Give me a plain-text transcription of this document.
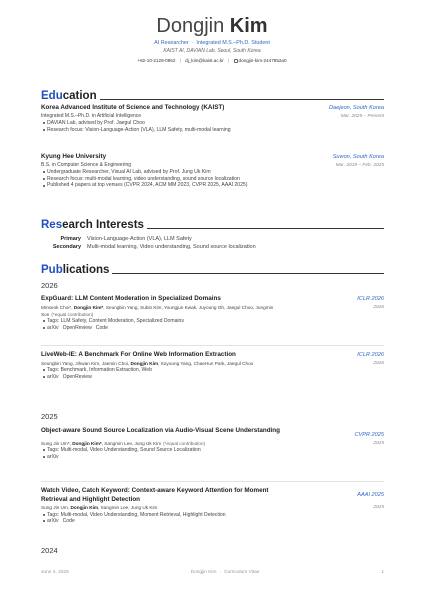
Dongjin Kim
AI Researcher · Integrated M.S.–Ph.D. Student
KAIST AI, DAVIAN Lab, Seoul, South Korea
+82-10-2128-0952 | dj_kim@kaist.ac.kr | dongjin-kim-2447852a0
Edu cation
Korea Advanced Institute of Science and Technology (KAIST)	Daejeon, South Korea
Integrated M.S.–Ph.D. in Artificial Intelligence	Mar. 2025 – Present
DAVIAN Lab, advised by Prof. Jaegul Choo
Research focus: Vision-Language-Action (VLA), LLM Safety, multi-modal learning
Kyung Hee University	Suwon, South Korea
B.S. in Computer Science & Engineering	Mar. 2019 – Feb. 2025
Undergraduate Researcher, Visual AI Lab, advised by Prof. Jung Uk Kim
Research focus: multi-modal learning, video understanding, sound source localization
Published 4 papers at top venues (CVPR 2024, ACM MM 2023, CVPR 2025, AAAI 2025)
Res earch Interests
Primary Vision-Language-Action (VLA), LLM Safety
Secondary Multi-modal learning, Video understanding, Sound source localization
Pub lications
2026
ExpGuard: LLM Content Moderation in Specialized Domains	ICLR 2026
Minseok Choi*, Dongjin Kim*, Seungbin Yang, Subin Kim, Youngjun Kwak, Juyoung Oh, Jaegul Choo, Jungmin Son (*equal contribution)
2026
Tags: LLM Safety, Content Moderation, Specialized Domains
arXiv OpenReview Code
LiveWeb-IE: A Benchmark For Online Web Information Extraction	ICLR 2026
Seungbin Yang, Jihwan Kim, Jaemin Choi, Dongjin Kim, Soyoung Yang, ChaeHun Park, Jaegul Choo	2026
Tags: Benchmark, Information Extraction, Web
arXiv OpenReview
2025
Object-aware Sound Source Localization via Audio-Visual Scene Understanding
CVPR 2025
Sung Jin Um*, Dongjin Kim*, Sangmin Lee, Jung Uk Kim (*equal contribution)	2025
Tags: Multi-modal, Video Understanding, Sound Source Localization
arXiv
Watch Video, Catch Keyword: Context-aware Keyword Attention for Moment Retrieval and Highlight Detection
AAAI 2025
Sung Jin Um, Dongjin Kim, Sangmin Lee, Jung Uk Kim	2025
Tags: Multi-modal, Video Understanding, Moment Retrieval, Highlight Detection
arXiv Code
2024
June 4, 2026	Dongjin Kim · Curriculum Vitae	1
